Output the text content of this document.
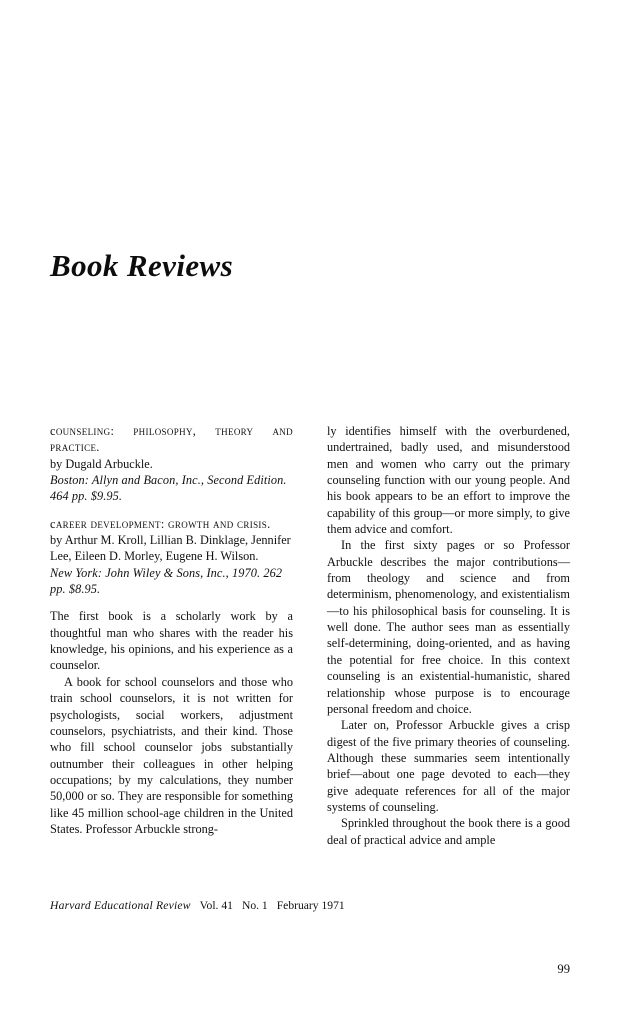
Book Reviews
counseling: philosophy, theory and practice.
by Dugald Arbuckle.
Boston: Allyn and Bacon, Inc., Second Edition. 464 pp. $9.95.
career development: growth and crisis.
by Arthur M. Kroll, Lillian B. Dinklage, Jennifer Lee, Eileen D. Morley, Eugene H. Wilson.
New York: John Wiley & Sons, Inc., 1970. 262 pp. $8.95.

The first book is a scholarly work by a thoughtful man who shares with the reader his knowledge, his opinions, and his experience as a counselor.

A book for school counselors and those who train school counselors, it is not written for psychologists, social workers, adjustment counselors, psychiatrists, and their kind. Those who fill school counselor jobs substantially outnumber their colleagues in other helping occupations; by my calculations, they number 50,000 or so. They are responsible for something like 45 million school-age children in the United States. Professor Arbuckle strong-

ly identifies himself with the overburdened, undertrained, badly used, and misunderstood men and women who carry out the primary counseling function with our young people. And his book appears to be an effort to improve the capability of this group—or more simply, to give them advice and comfort.

In the first sixty pages or so Professor Arbuckle describes the major contributions—from theology and science and from determinism, phenomenology, and existentialism—to his philosophical basis for counseling. It is well done. The author sees man as essentially self-determining, doing-oriented, and as having the potential for free choice. In this context counseling is an existential-humanistic, shared relationship whose purpose is to encourage personal freedom and choice.

Later on, Professor Arbuckle gives a crisp digest of the five primary theories of counseling. Although these summaries seem intentionally brief—about one page devoted to each—they give adequate references for all of the major systems of counseling.

Sprinkled throughout the book there is a good deal of practical advice and ample

Harvard Educational Review Vol. 41 No. 1 February 1971
99
